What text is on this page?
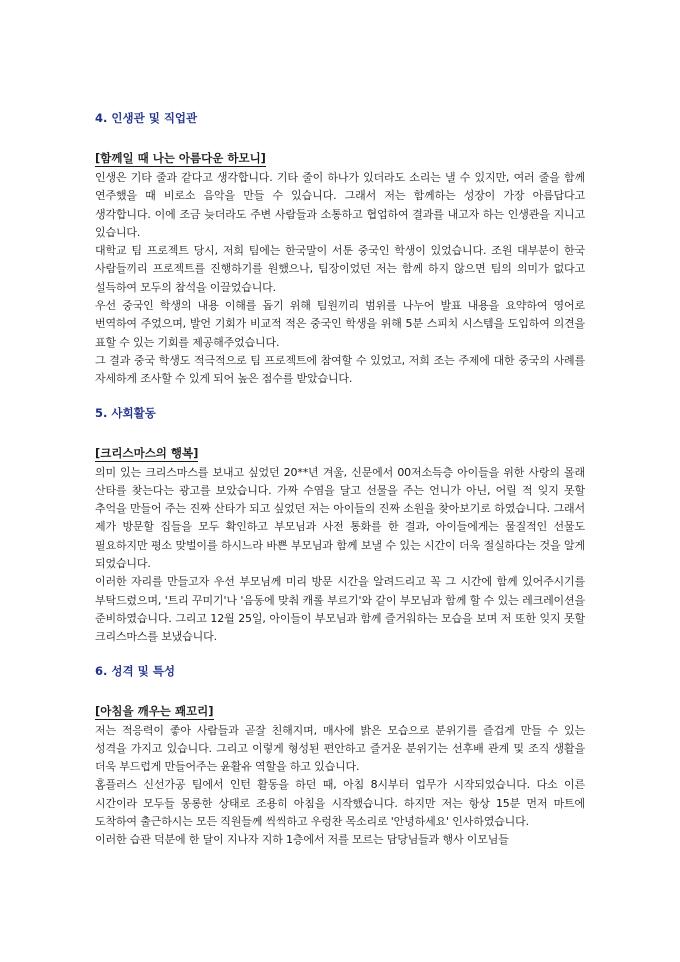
4. 인생관 및 직업관

[함께일 때 나는 아름다운 하모니]

인생은 기타 줄과 같다고 생각합니다. 기타 줄이 하나가 있더라도 소리는 낼 수 있지만, 여러 줄을 함께 연주했을 때 비로소 음악을 만들 수 있습니다. 그래서 저는 함께하는 성장이 가장 아름답다고 생각합니다. 이에 조금 늦더라도 주변 사람들과 소통하고 협업하여 결과를 내고자 하는 인생관을 지니고 있습니다.

대학교 팀 프로젝트 당시, 저희 팀에는 한국말이 서툰 중국인 학생이 있었습니다. 조원 대부분이 한국 사람들끼리 프로젝트를 진행하기를 원했으나, 팀장이었던 저는 함께 하지 않으면 팀의 의미가 없다고 설득하여 모두의 참석을 이끌었습니다.

우선 중국인 학생의 내용 이해를 돕기 위해 팀원끼리 범위를 나누어 발표 내용을 요약하여 영어로 번역하여 주었으며, 발언 기회가 비교적 적은 중국인 학생을 위해 5분 스피치 시스템을 도입하여 의견을 표할 수 있는 기회를 제공해주었습니다.

그 결과 중국 학생도 적극적으로 팀 프로젝트에 참여할 수 있었고, 저희 조는 주제에 대한 중국의 사례를 자세하게 조사할 수 있게 되어 높은 점수를 받았습니다.

5. 사회활동

[크리스마스의 행복]

의미 있는 크리스마스를 보내고 싶었던 20**년 겨울, 신문에서 00저소득층 아이들을 위한 사랑의 몰래 산타를 찾는다는 광고를 보았습니다. 가짜 수염을 달고 선물을 주는 언니가 아닌, 어릴 적 잊지 못할 추억을 만들어 주는 진짜 산타가 되고 싶었던 저는 아이들의 진짜 소원을 찾아보기로 하였습니다. 그래서 제가 방문할 집들을 모두 확인하고 부모님과 사전 통화를 한 결과, 아이들에게는 물질적인 선물도 필요하지만 평소 맞벌이를 하시느라 바쁜 부모님과 함께 보낼 수 있는 시간이 더욱 절실하다는 것을 알게 되었습니다.

이러한 자리를 만들고자 우선 부모님께 미리 방문 시간을 알려드리고 꼭 그 시간에 함께 있어주시기를 부탁드렸으며, '트리 꾸미기'나 '음동에 맞춰 캐롤 부르기'와 같이 부모님과 함께 할 수 있는 레크레이션을 준비하였습니다. 그리고 12월 25일, 아이들이 부모님과 함께 즐거워하는 모습을 보며 저 또한 잊지 못할 크리스마스를 보냈습니다.

6. 성격 및 특성

[아침을 깨우는 꽤꼬리]

저는 적응력이 좋아 사람들과 곧잘 친해지며, 매사에 밝은 모습으로 분위기를 즐겁게 만들 수 있는 성격을 가지고 있습니다. 그리고 이렇게 형성된 편안하고 즐거운 분위기는 선후배 관계 및 조직 생활을 더욱 부드럽게 만들어주는 윤활유 역할을 하고 있습니다.

홈플러스 신선가공 팀에서 인턴 활동을 하던 때, 아침 8시부터 업무가 시작되었습니다. 다소 이른 시간이라 모두들 몽롱한 상태로 조용히 아침을 시작했습니다. 하지만 저는 항상 15분 먼저 마트에 도착하여 출근하시는 모든 직원들께 씩씩하고 우렁찬 목소리로 '안녕하세요' 인사하였습니다.

이러한 습관 덕분에 한 달이 지나자 지하 1층에서 저를 모르는 담당님들과 행사 이모님들
